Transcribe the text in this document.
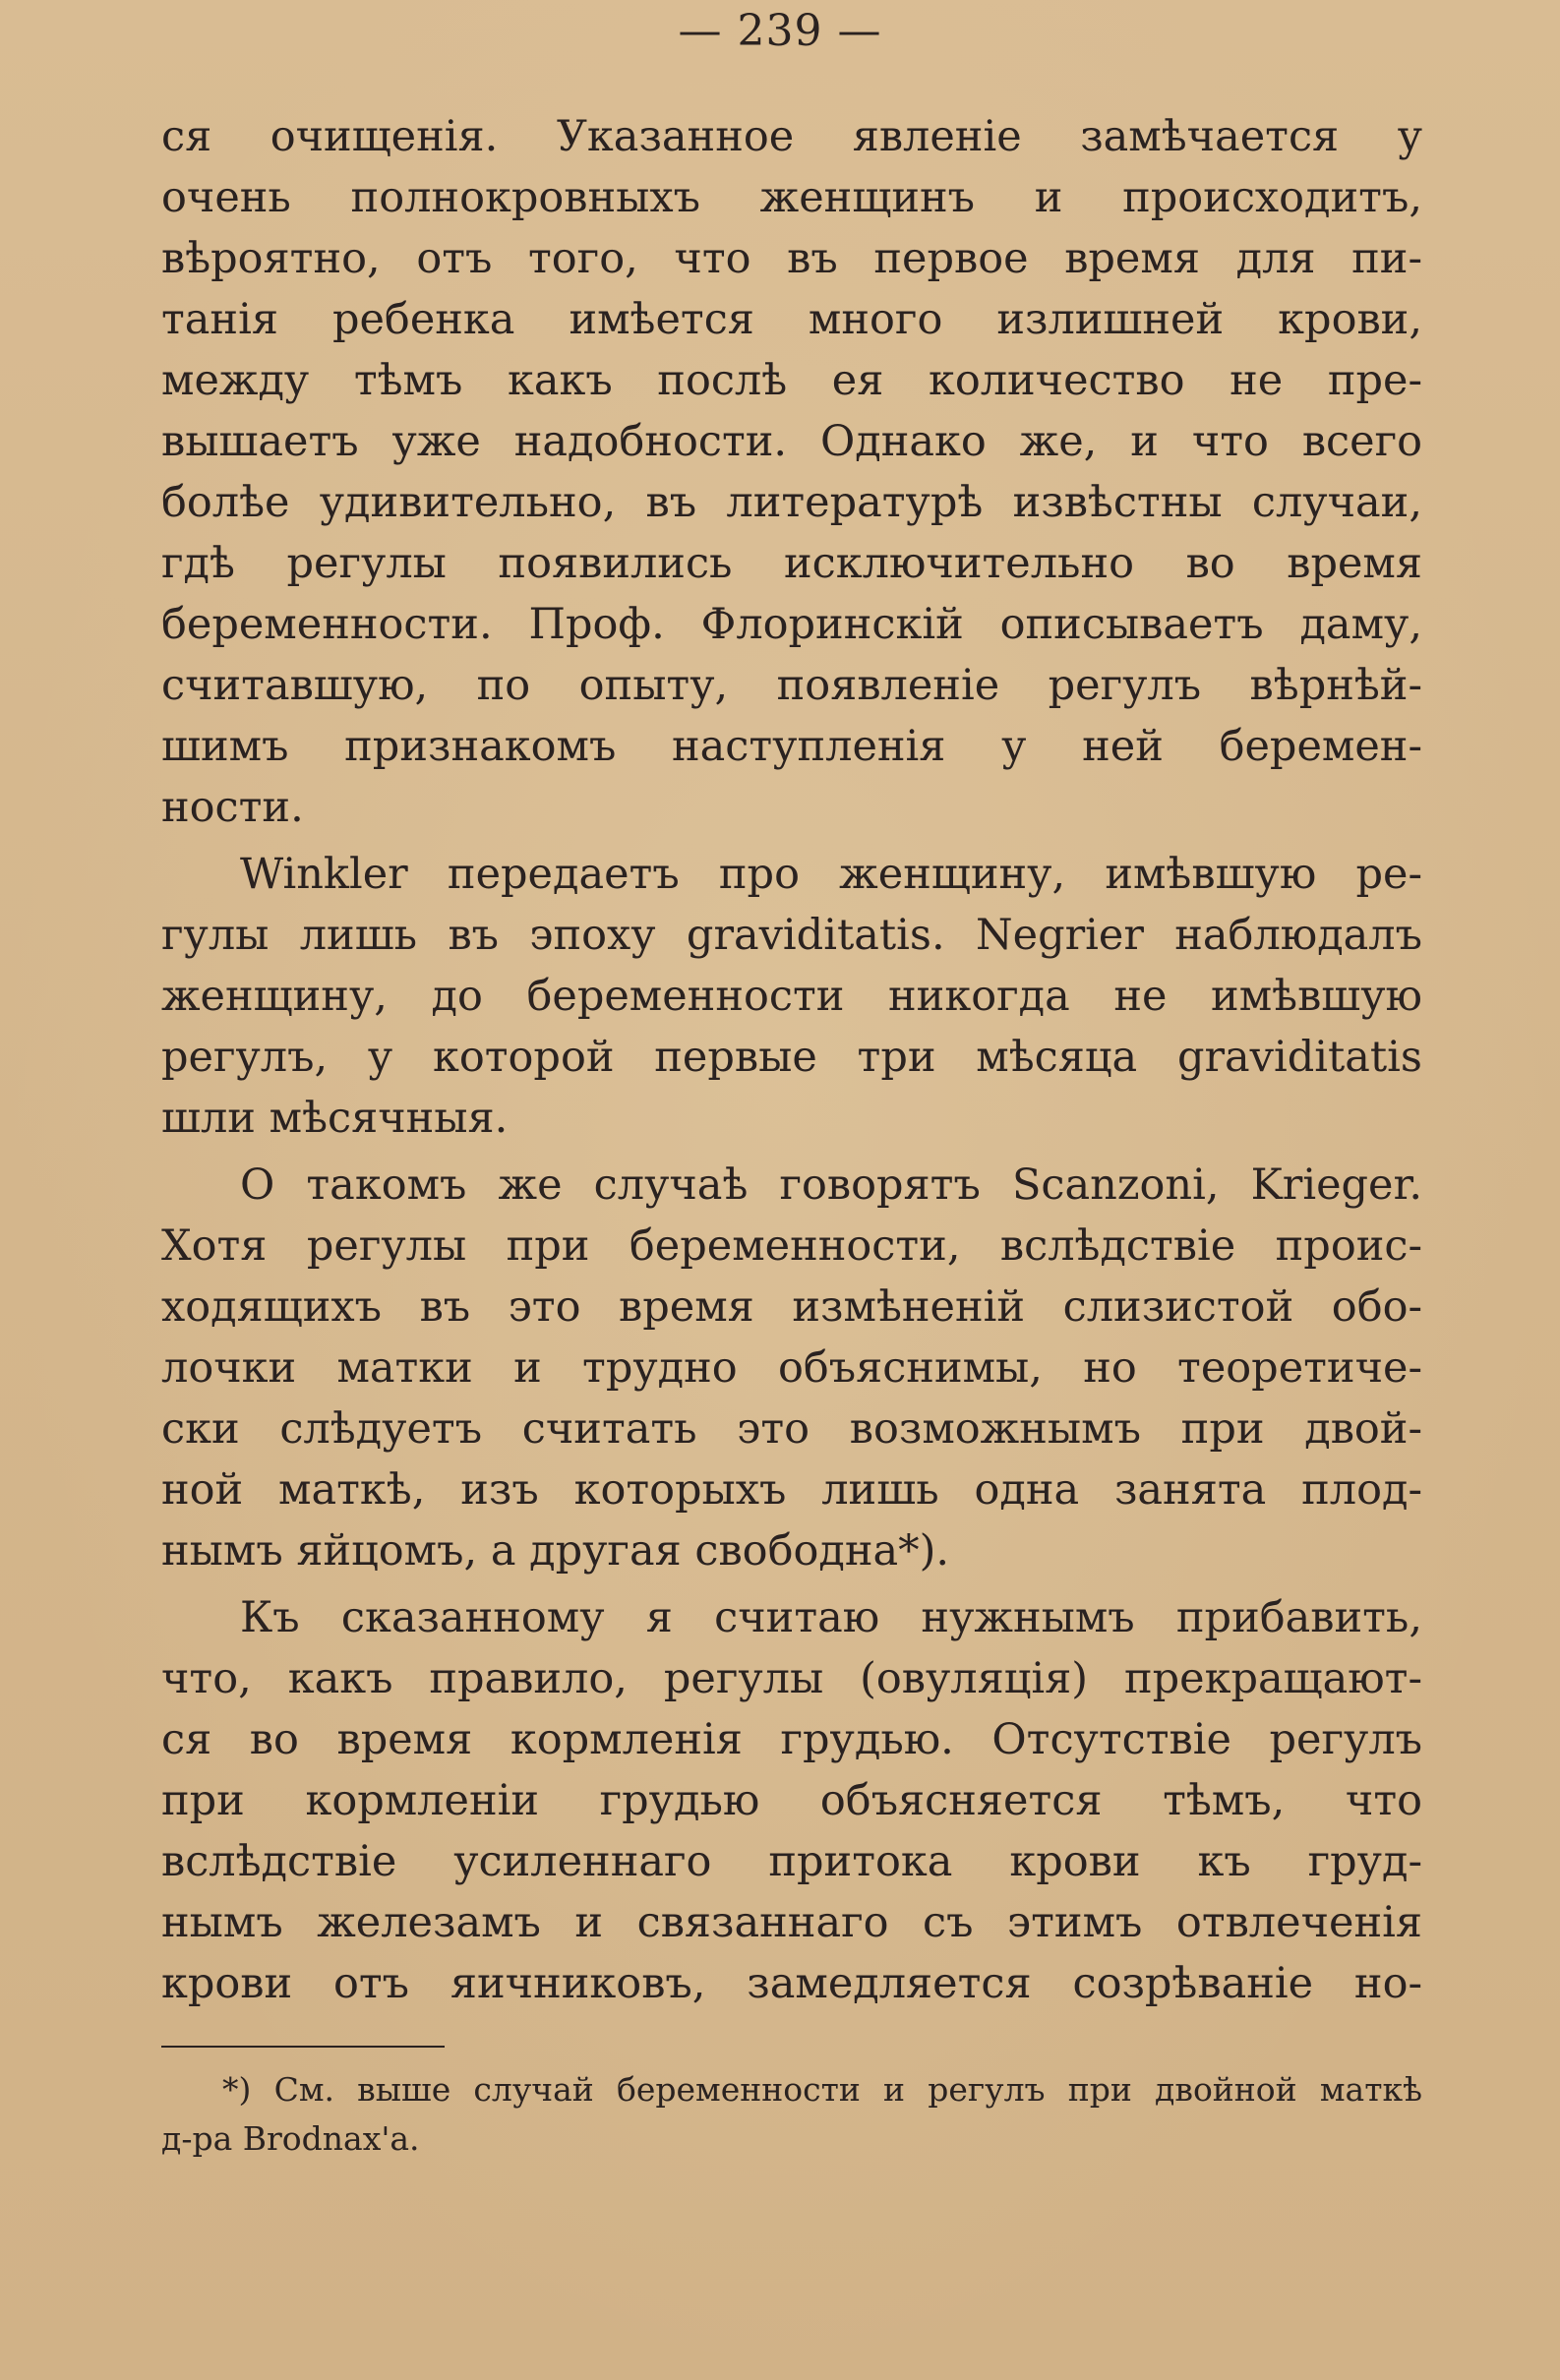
— 239 —
ся очищенія. Указанное явленіе замѣчается у
очень полнокровныхъ женщинъ и происходитъ,
вѣроятно, отъ того, что въ первое время для пи-
танія ребенка имѣется много излишней крови,
между тѣмъ какъ послѣ ея количество не пре-
вышаетъ уже надобности. Однако же, и что всего
болѣе удивительно, въ литературѣ извѣстны случаи,
гдѣ регулы появились исключительно во время
беременности. Проф. Флоринскій описываетъ даму,
считавшую, по опыту, появленіе регулъ вѣрнѣй-
шимъ признакомъ наступленія у ней беремен-
ности.
Winkler передаетъ про женщину, имѣвшую ре-
гулы лишь въ эпоху graviditatis. Negrier наблюдалъ
женщину, до беременности никогда не имѣвшую
регулъ, у которой первые три мѣсяца graviditatis
шли мѣсячныя.
О такомъ же случаѣ говорятъ Scanzoni, Krieger.
Хотя регулы при беременности, вслѣдствіе проис-
ходящихъ въ это время измѣненій слизистой обо-
лочки матки и трудно объяснимы, но теоретиче-
ски слѣдуетъ считать это возможнымъ при двой-
ной маткѣ, изъ которыхъ лишь одна занята плод-
нымъ яйцомъ, а другая свободна*).
Къ сказанному я считаю нужнымъ прибавить,
что, какъ правило, регулы (овуляція) прекращают-
ся во время кормленія грудью. Отсутствіе регулъ
при кормленіи грудью объясняется тѣмъ, что
вслѣдствіе усиленнаго притока крови къ груд-
нымъ железамъ и связаннаго съ этимъ отвлеченія
крови отъ яичниковъ, замедляется созрѣваніе но-
*) См. выше случай беременности и регулъ при двойной маткѣ
д-ра Brodnax'а.
